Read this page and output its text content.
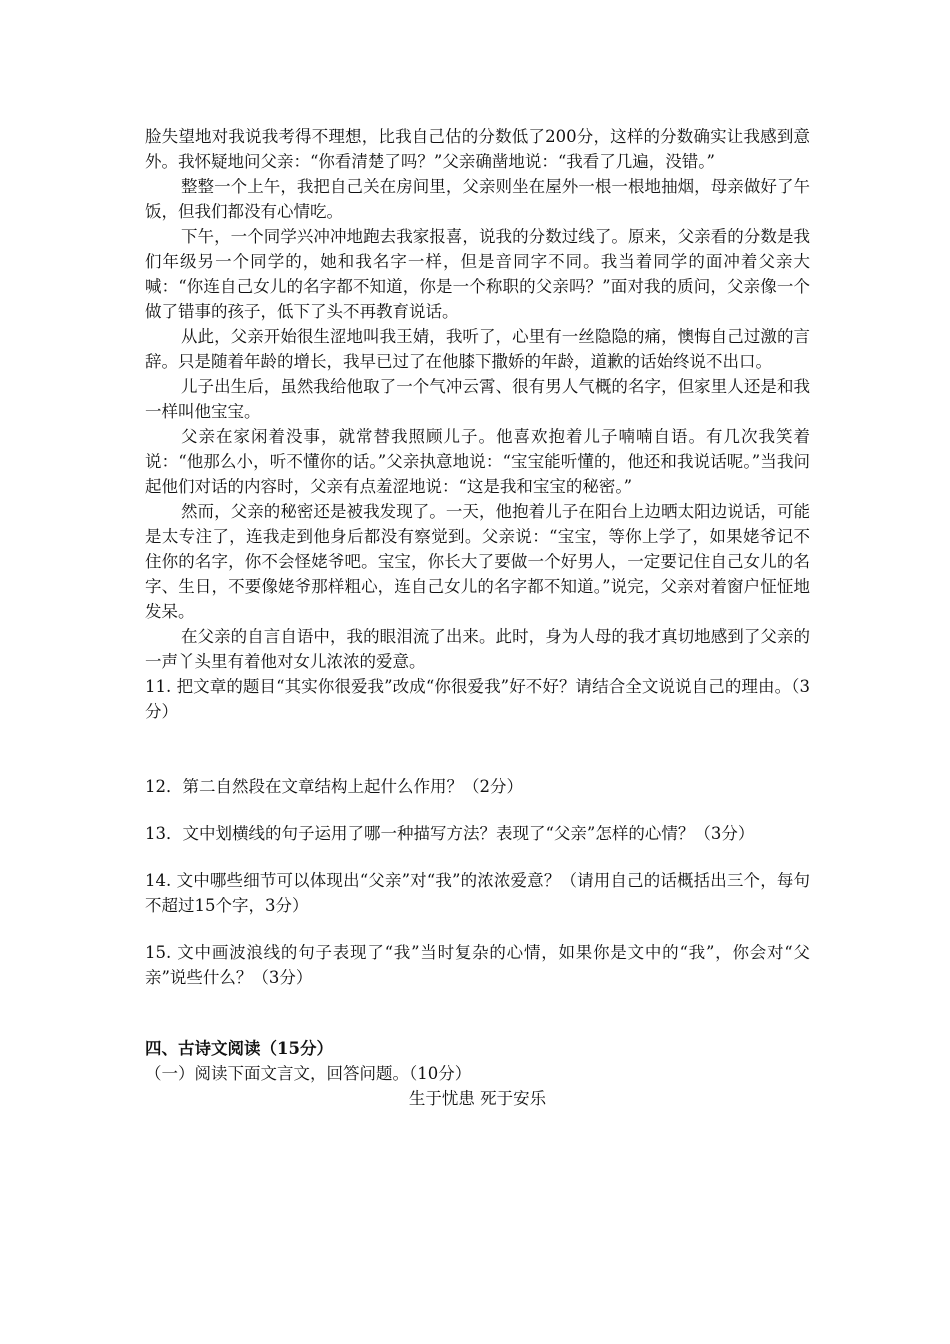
脸失望地对我说我考得不理想，比我自己估的分数低了200分，这样的分数确实让我感到意外。我怀疑地问父亲：“你看清楚了吗？”父亲确凿地说：“我看了几遍，没错。”

整整一个上午，我把自己关在房间里，父亲则坐在屋外一根一根地抽烟，母亲做好了午饭，但我们都没有心情吃。

下午，一个同学兴冲冲地跑去我家报喜，说我的分数过线了。原来，父亲看的分数是我们年级另一个同学的，她和我名字一样，但是音同字不同。我当着同学的面冲着父亲大喊：“你连自己女儿的名字都不知道，你是一个称职的父亲吗？”面对我的质问，父亲像一个做了错事的孩子，低下了头不再教育说话。

从此，父亲开始很生涩地叫我王婧，我听了，心里有一丝隐隐的痛，懊悔自己过激的言辞。只是随着年龄的增长，我早已过了在他膝下撒娇的年龄，道歉的话始终说不出口。

儿子出生后，虽然我给他取了一个气冲云霄、很有男人气概的名字，但家里人还是和我一样叫他宝宝。

父亲在家闲着没事，就常替我照顾儿子。他喜欢抱着儿子喃喃自语。有几次我笑着说：“他那么小，听不懂你的话。”父亲执意地说：“宝宝能听懂的，他还和我说话呢。”当我问起他们对话的内容时，父亲有点羞涩地说：“这是我和宝宝的秘密。”

然而，父亲的秘密还是被我发现了。一天，他抱着儿子在阳台上边晒太阳边说话，可能是太专注了，连我走到他身后都没有察觉到。父亲说：“宝宝，等你上学了，如果姥爷记不住你的名字，你不会怪姥爷吧。宝宝，你长大了要做一个好男人，一定要记住自己女儿的名字、生日，不要像姥爷那样粗心，连自己女儿的名字都不知道。”说完，父亲对着窗户怔怔地发呆。

在父亲的自言自语中，我的眼泪流了出来。此时，身为人母的我才真切地感到了父亲的一声丫头里有着他对女儿浓浓的爱意。

11. 把文章的题目“其实你很爱我”改成“你很爱我”好不好？请结合全文说说自己的理由。（3分）

12．第二自然段在文章结构上起什么作用？（2分）

13．文中划横线的句子运用了哪一种描写方法？表现了“父亲”怎样的心情？（3分）

14. 文中哪些细节可以体现出“父亲”对“我”的浓浓爱意？（请用自己的话概括出三个，每句不超过15个字，3分）

15. 文中画波浪线的句子表现了“我”当时复杂的心情，如果你是文中的“我”，你会对“父亲”说些什么？（3分）

四、古诗文阅读（15分）

（一）阅读下面文言文，回答问题。（10分）

生于忧患 死于安乐
